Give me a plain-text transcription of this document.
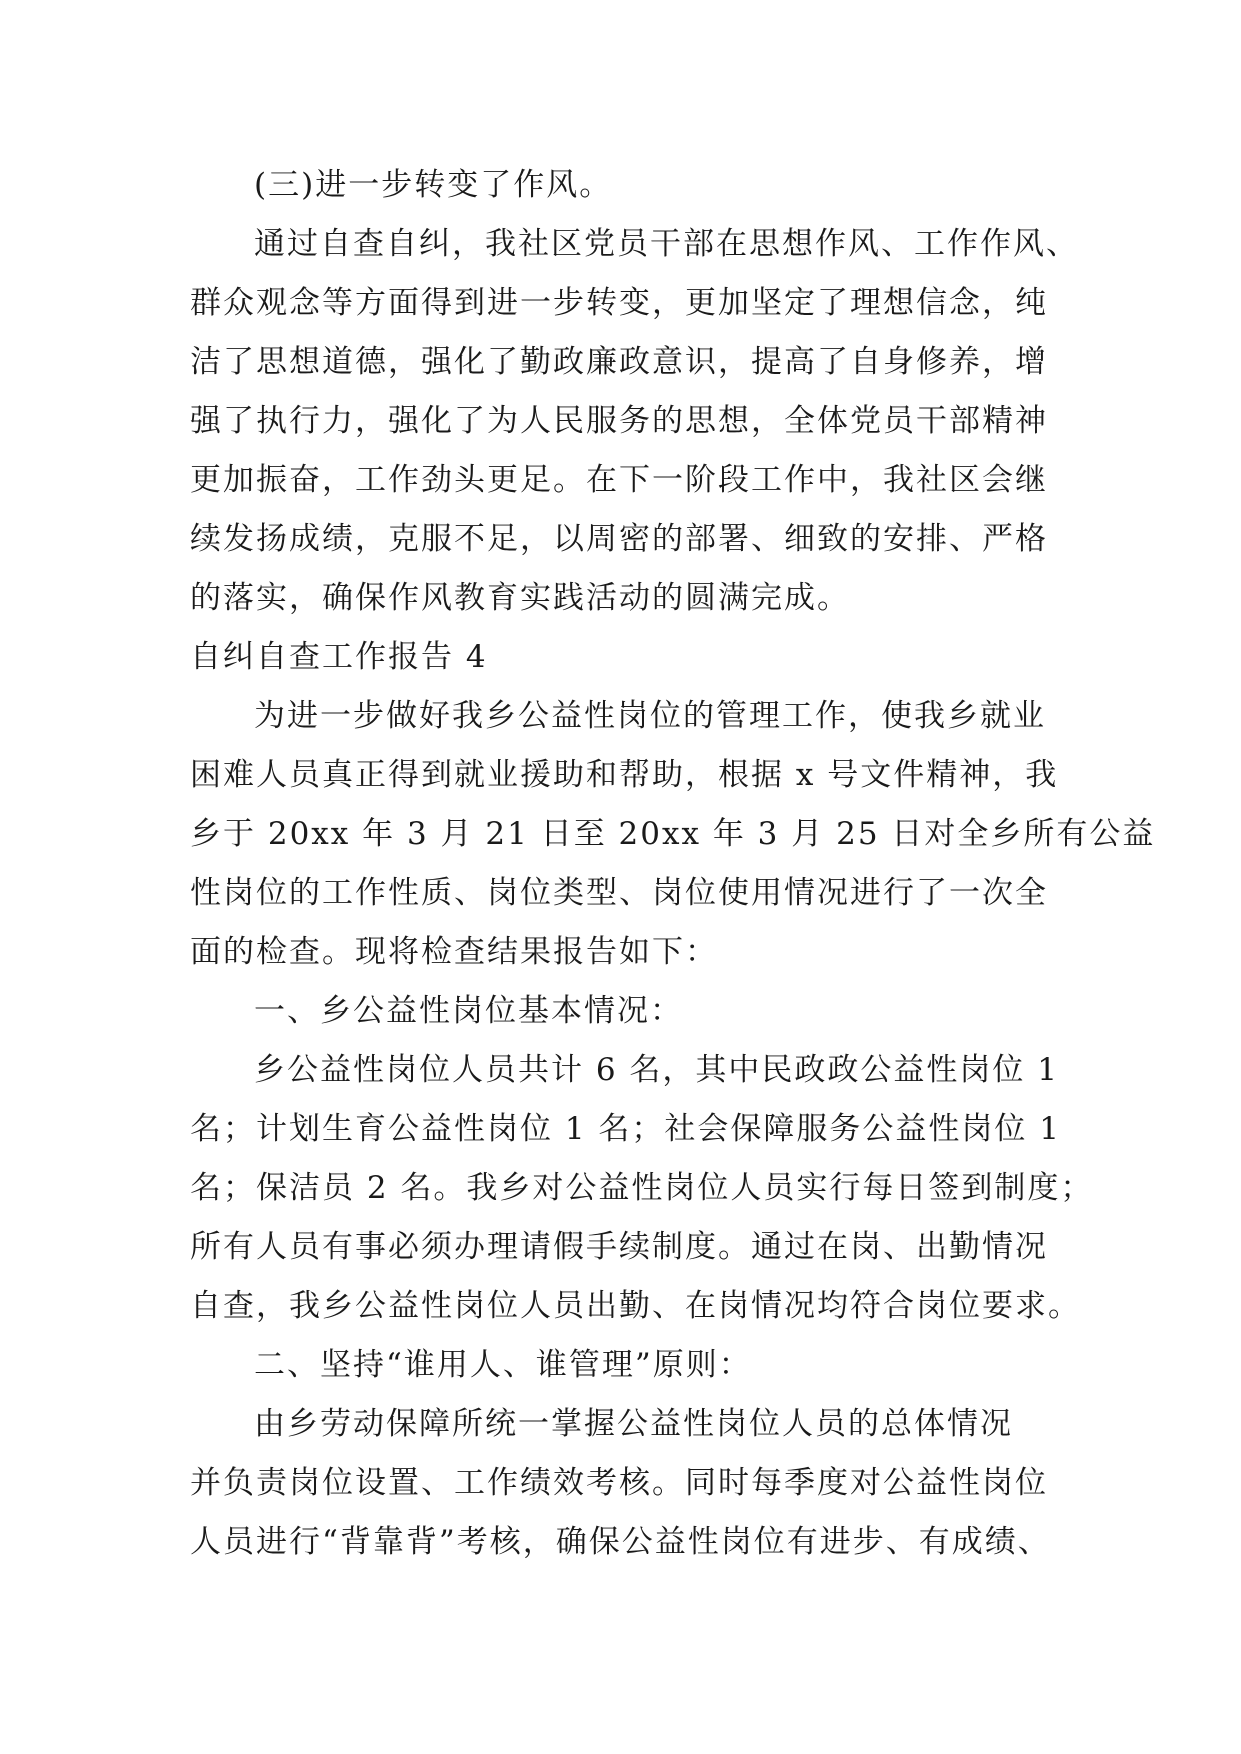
(三)进一步转变了作风。
通过自查自纠，我社区党员干部在思想作风、工作作风、
群众观念等方面得到进一步转变，更加坚定了理想信念，纯
洁了思想道德，强化了勤政廉政意识，提高了自身修养，增
强了执行力，强化了为人民服务的思想，全体党员干部精神
更加振奋，工作劲头更足。在下一阶段工作中，我社区会继
续发扬成绩，克服不足，以周密的部署、细致的安排、严格
的落实，确保作风教育实践活动的圆满完成。
自纠自查工作报告 4
为进一步做好我乡公益性岗位的管理工作，使我乡就业
困难人员真正得到就业援助和帮助，根据 x 号文件精神，我
乡于 20xx 年 3 月 21 日至 20xx 年 3 月 25 日对全乡所有公益
性岗位的工作性质、岗位类型、岗位使用情况进行了一次全
面的检查。现将检查结果报告如下：
一、乡公益性岗位基本情况：
乡公益性岗位人员共计 6 名，其中民政政公益性岗位 1
名；计划生育公益性岗位 1 名；社会保障服务公益性岗位 1
名；保洁员 2 名。我乡对公益性岗位人员实行每日签到制度；
所有人员有事必须办理请假手续制度。通过在岗、出勤情况
自查，我乡公益性岗位人员出勤、在岗情况均符合岗位要求。
二、坚持“谁用人、谁管理”原则：
由乡劳动保障所统一掌握公益性岗位人员的总体情况
并负责岗位设置、工作绩效考核。同时每季度对公益性岗位
人员进行“背靠背”考核，确保公益性岗位有进步、有成绩、
